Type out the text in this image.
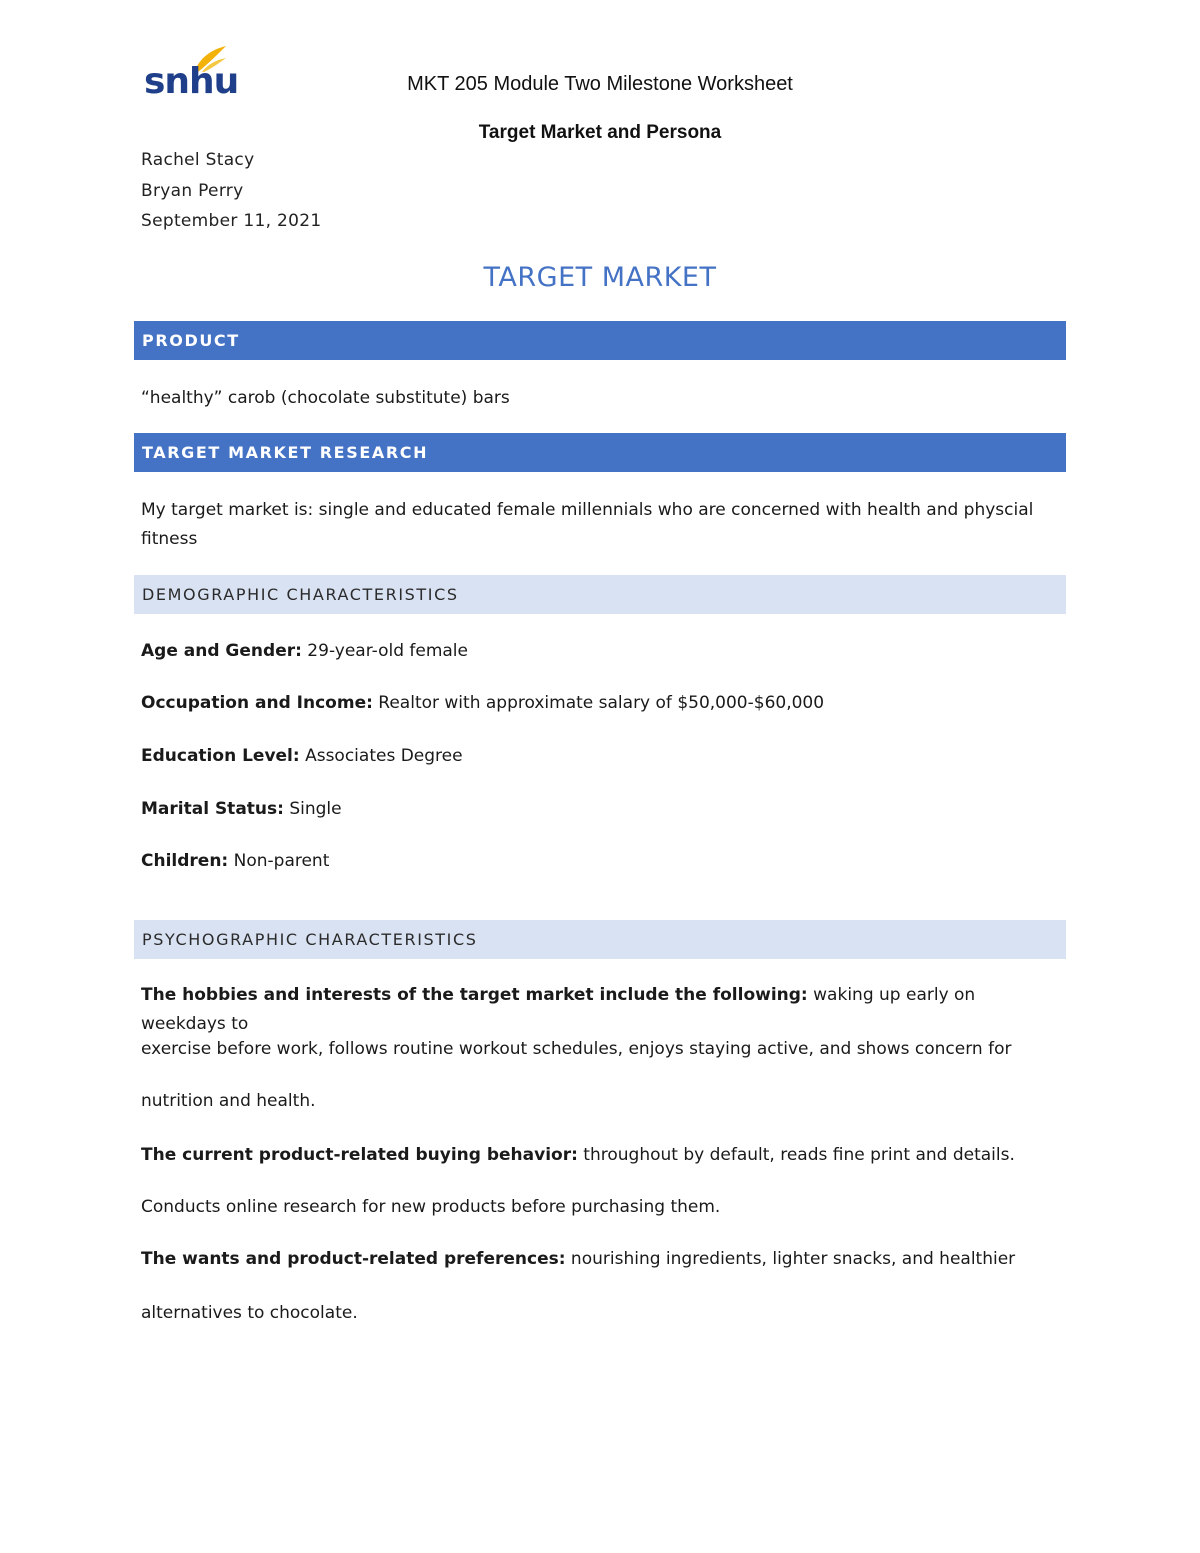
snhu	MKT 205 Module Two Milestone Worksheet
Target Market and Persona
Rachel Stacy
Bryan Perry
September 11, 2021
TARGET MARKET
PRODUCT
“healthy” carob (chocolate substitute) bars
TARGET MARKET RESEARCH
My target market is: single and educated female millennials who are concerned with health and physcial
fitness
DEMOGRAPHIC CHARACTERISTICS
Age and Gender: 29-year-old female
Occupation and Income: Realtor with approximate salary of $50,000-$60,000
Education Level: Associates Degree
Marital Status: Single
Children: Non-parent
PSYCHOGRAPHIC CHARACTERISTICS
The hobbies and interests of the target market include the following: waking up early on weekdays to
exercise before work, follows routine workout schedules, enjoys staying active, and shows concern for
nutrition and health.
The current product-related buying behavior: throughout by default, reads fine print and details.
Conducts online research for new products before purchasing them.
The wants and product-related preferences: nourishing ingredients, lighter snacks, and healthier
alternatives to chocolate.
